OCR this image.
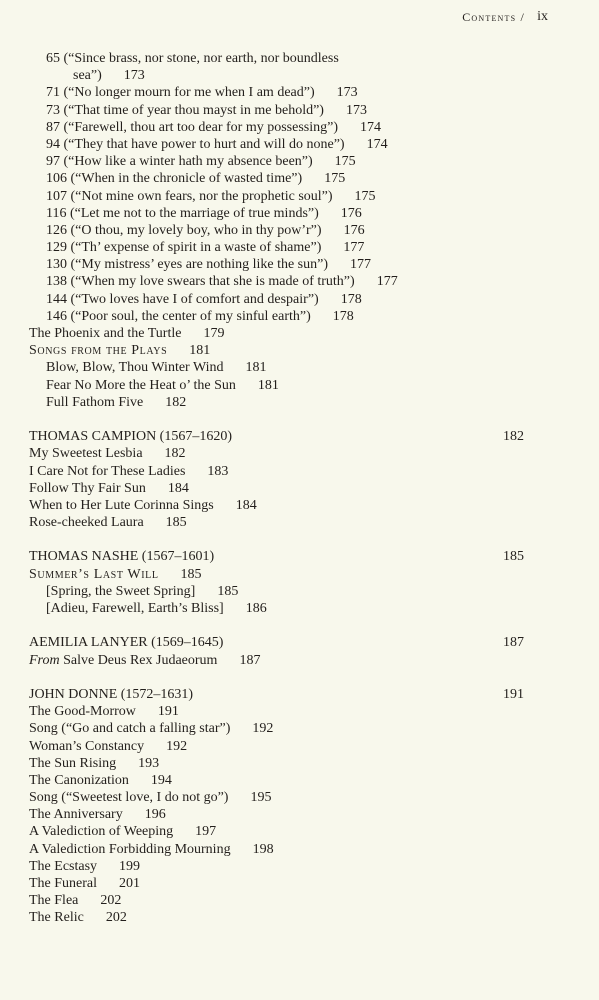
Contents / ix
65 (“Since brass, nor stone, nor earth, nor boundless
sea”) 173
71 (“No longer mourn for me when I am dead”) 173
73 (“That time of year thou mayst in me behold”) 173
87 (“Farewell, thou art too dear for my possessing”) 174
94 (“They that have power to hurt and will do none”) 174
97 (“How like a winter hath my absence been”) 175
106 (“When in the chronicle of wasted time”) 175
107 (“Not mine own fears, nor the prophetic soul”) 175
116 (“Let me not to the marriage of true minds”) 176
126 (“O thou, my lovely boy, who in thy pow’r”) 176
129 (“Th’ expense of spirit in a waste of shame”) 177
130 (“My mistress’ eyes are nothing like the sun”) 177
138 (“When my love swears that she is made of truth”) 177
144 (“Two loves have I of comfort and despair”) 178
146 (“Poor soul, the center of my sinful earth”) 178
The Phoenix and the Turtle 179
Songs from the Plays 181
Blow, Blow, Thou Winter Wind 181
Fear No More the Heat o’ the Sun 181
Full Fathom Five 182
THOMAS CAMPION (1567–1620)	182
My Sweetest Lesbia 182
I Care Not for These Ladies 183
Follow Thy Fair Sun 184
When to Her Lute Corinna Sings 184
Rose-cheeked Laura 185
THOMAS NASHE (1567–1601)	185
Summer’s Last Will 185
[Spring, the Sweet Spring] 185
[Adieu, Farewell, Earth’s Bliss] 186
AEMILIA LANYER (1569–1645)	187
From Salve Deus Rex Judaeorum 187
JOHN DONNE (1572–1631)	191
The Good-Morrow 191
Song (“Go and catch a falling star”) 192
Woman’s Constancy 192
The Sun Rising 193
The Canonization 194
Song (“Sweetest love, I do not go”) 195
The Anniversary 196
A Valediction of Weeping 197
A Valediction Forbidding Mourning 198
The Ecstasy 199
The Funeral 201
The Flea 202
The Relic 202
